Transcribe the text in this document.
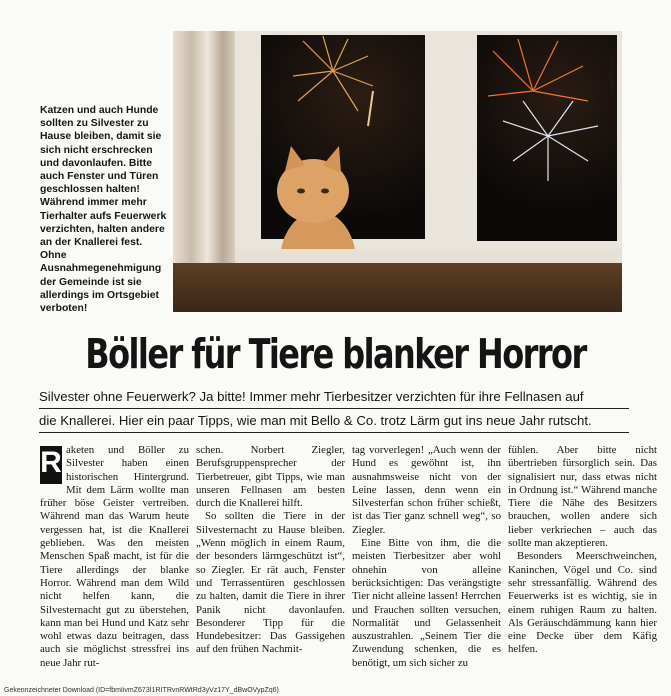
Foto: canva
Katzen und auch Hunde sollten zu Silvester zu Hause bleiben, damit sie sich nicht erschrecken und davonlaufen. Bitte auch Fenster und Türen geschlossen halten! Während immer mehr Tierhalter aufs Feuerwerk verzichten, halten andere an der Knallerei fest. Ohne Ausnahmegenehmigung der Gemeinde ist sie allerdings im Ortsgebiet verboten!
Böller für Tiere blanker Horror
Silvester ohne Feuerwerk? Ja bitte! Immer mehr Tierbesitzer verzichten für ihre Fellnasen auf
die Knallerei. Hier ein paar Tipps, wie man mit Bello & Co. trotz Lärm gut ins neue Jahr rutscht.

R aketen und Böller zu Silvester haben einen historischen Hintergrund. Mit dem Lärm wollte man früher böse Geister vertreiben. Während man das Warum heute vergessen hat, ist die Knallerei geblieben. Was den meisten Menschen Spaß macht, ist für die Tiere allerdings der blanke Horror. Während man dem Wild nicht helfen kann, die Silvesternacht gut zu überstehen, kann man bei Hund und Katz sehr wohl etwas dazu beitragen, dass auch sie möglichst stressfrei ins neue Jahr rut-

schen. Norbert Ziegler, Berufsgruppensprecher der Tierbetreuer, gibt Tipps, wie man unseren Fellnasen am besten durch die Knallerei hilft.

So sollten die Tiere in der Silvesternacht zu Hause bleiben. „Wenn möglich in einem Raum, der besonders lärmgeschützt ist“, so Ziegler. Er rät auch, Fenster und Terrassentüren geschlossen zu halten, damit die Tiere in ihrer Panik nicht davonlaufen. Besonderer Tipp für die Hundebesitzer: Das Gassigehen auf den frühen Nachmit-

tag vorverlegen! „Auch wenn der Hund es gewöhnt ist, ihn ausnahmsweise nicht von der Leine lassen, denn wenn ein Silvesterfan schon früher schießt, ist das Tier ganz schnell weg“, so Ziegler.

Eine Bitte von ihm, die die meisten Tierbesitzer aber wohl ohnehin von alleine berücksichtigen: Das verängstigte Tier nicht alleine lassen! Herrchen und Frauchen sollten versuchen, Normalität und Gelassenheit auszustrahlen. „Seinem Tier die Zuwendung schenken, die es benötigt, um sich sicher zu

fühlen. Aber bitte nicht übertrieben fürsorglich sein. Das signalisiert nur, dass etwas nicht in Ordnung ist.“ Während manche Tiere die Nähe des Besitzers brauchen, wollen andere sich lieber verkriechen – auch das sollte man akzeptieren.

Besonders Meerschweinchen, Kaninchen, Vögel und Co. sind sehr stressanfällig. Während des Feuerwerks ist es wichtig, sie in einem ruhigen Raum zu halten. Als Geräuschdämmung kann hier eine Decke über dem Käfig helfen.

Gekennzeichneter Download (ID=fbmIivmZ673I1RITRvnRWtRd3yVz17Y_dBwOVypZq6)
